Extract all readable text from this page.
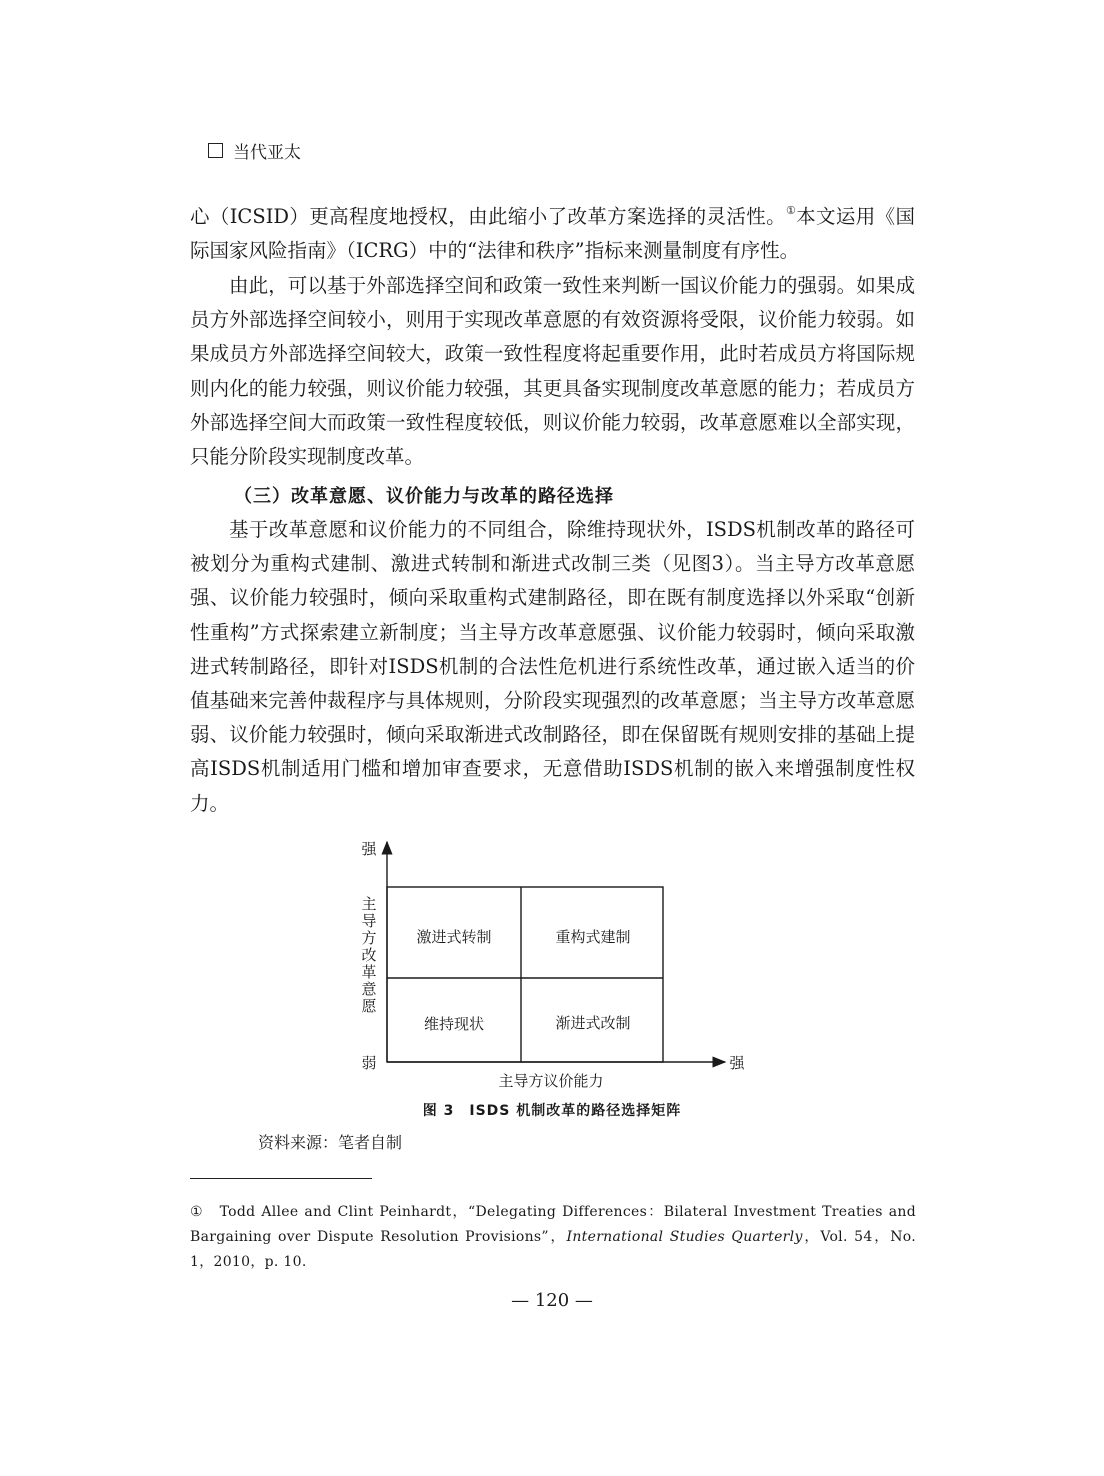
当代亚太

心（ICSID）更高程度地授权，由此缩小了改革方案选择的灵活性。①本文运用《国际国家风险指南》（ICRG）中的“法律和秩序”指标来测量制度有序性。

由此，可以基于外部选择空间和政策一致性来判断一国议价能力的强弱。如果成员方外部选择空间较小，则用于实现改革意愿的有效资源将受限，议价能力较弱。如果成员方外部选择空间较大，政策一致性程度将起重要作用，此时若成员方将国际规则内化的能力较强，则议价能力较强，其更具备实现制度改革意愿的能力；若成员方外部选择空间大而政策一致性程度较低，则议价能力较弱，改革意愿难以全部实现，只能分阶段实现制度改革。

（三）改革意愿、议价能力与改革的路径选择

基于改革意愿和议价能力的不同组合，除维持现状外，ISDS机制改革的路径可被划分为重构式建制、激进式转制和渐进式改制三类（见图3）。当主导方改革意愿强、议价能力较强时，倾向采取重构式建制路径，即在既有制度选择以外采取“创新性重构”方式探索建立新制度；当主导方改革意愿强、议价能力较弱时，倾向采取激进式转制路径，即针对ISDS机制的合法性危机进行系统性改革，通过嵌入适当的价值基础来完善仲裁程序与具体规则，分阶段实现强烈的改革意愿；当主导方改革意愿弱、议价能力较强时，倾向采取渐进式改制路径，即在保留既有规则安排的基础上提高ISDS机制适用门槛和增加审查要求，无意借助ISDS机制的嵌入来增强制度性权力。

强
弱	强
主
导
方
改
革
意
愿
激进式转制	重构式建制
维持现状	渐进式改制
主导方议价能力
图 3　ISDS 机制改革的路径选择矩阵
资料来源：笔者自制

①　 Todd Allee and Clint Peinhardt，“Delegating Differences：Bilateral Investment Treaties and Bargaining over Dispute Resolution Provisions”，International Studies Quarterly，Vol. 54，No. 1，2010，p. 10.

— 120 —
